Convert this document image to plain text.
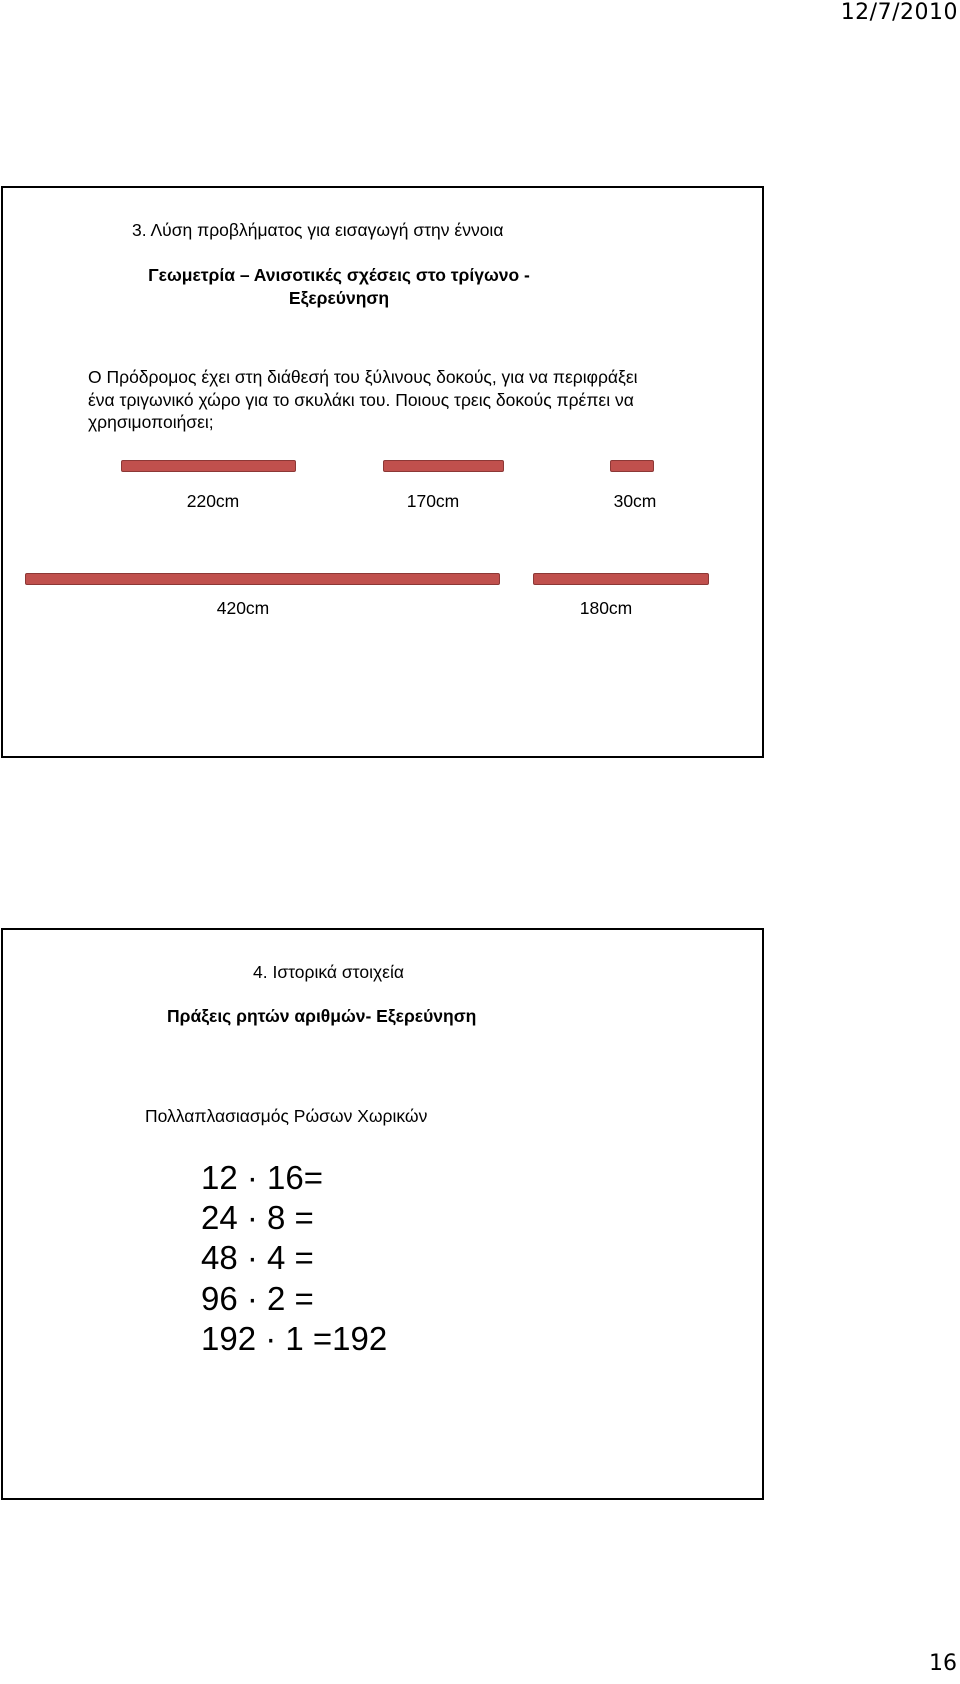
12/7/2010
3. Λύση προβλήματος για εισαγωγή στην έννοια
Γεωμετρία – Ανισοτικές σχέσεις στο τρίγωνο - Εξερεύνηση
Ο Πρόδρομος έχει στη διάθεσή του ξύλινους δοκούς, για να περιφράξει ένα τριγωνικό χώρο για το σκυλάκι του. Ποιους τρεις δοκούς πρέπει να χρησιμοποιήσει;
220cm	170cm	30cm
420cm	180cm
4. Ιστορικά στοιχεία
Πράξεις ρητών αριθμών- Εξερεύνηση
Πολλαπλασιασμός Ρώσων Χωρικών
12 · 16=
24 · 8 =
48 · 4 =
96 · 2 =
192 · 1 =192
16
